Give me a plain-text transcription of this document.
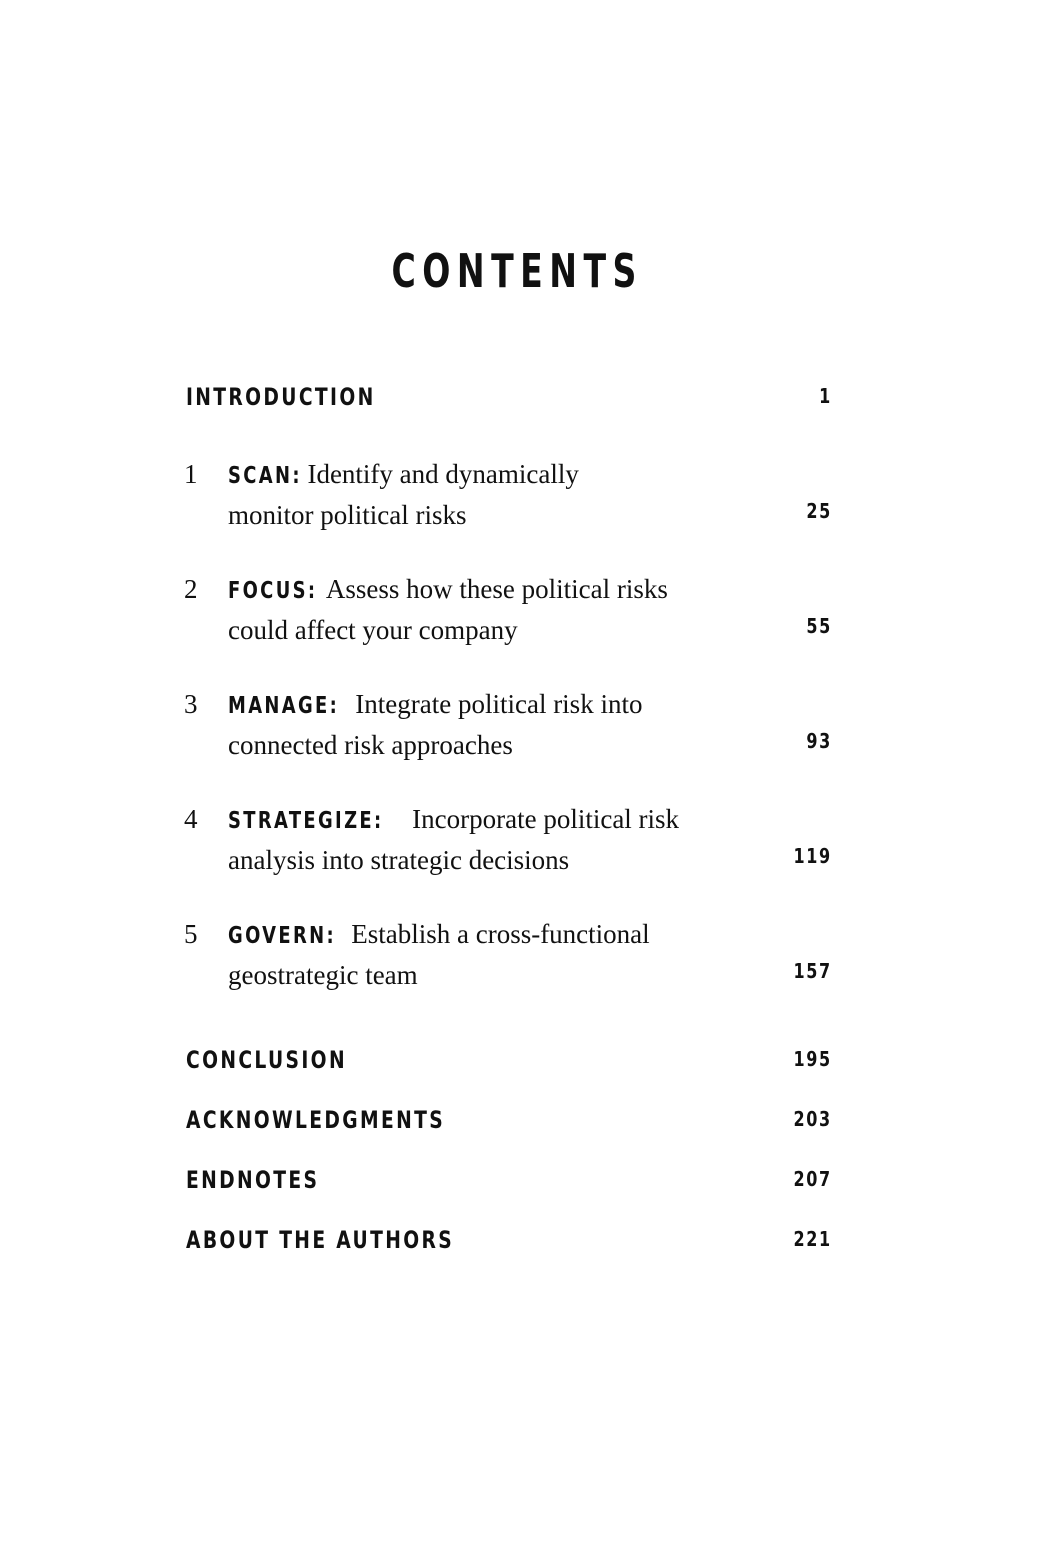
CONTENTS
INTRODUCTION	1
1 SCAN: Identify and dynamically
monitor political risks	25
2 FOCUS: Assess how these political risks
could affect your company	55
3 MANAGE: Integrate political risk into
connected risk approaches	93
4 STRATEGIZE: Incorporate political risk
analysis into strategic decisions	119
5 GOVERN: Establish a cross-functional
geostrategic team	157
CONCLUSION	195
ACKNOWLEDGMENTS	203
ENDNOTES	207
ABOUT THE AUTHORS	221
